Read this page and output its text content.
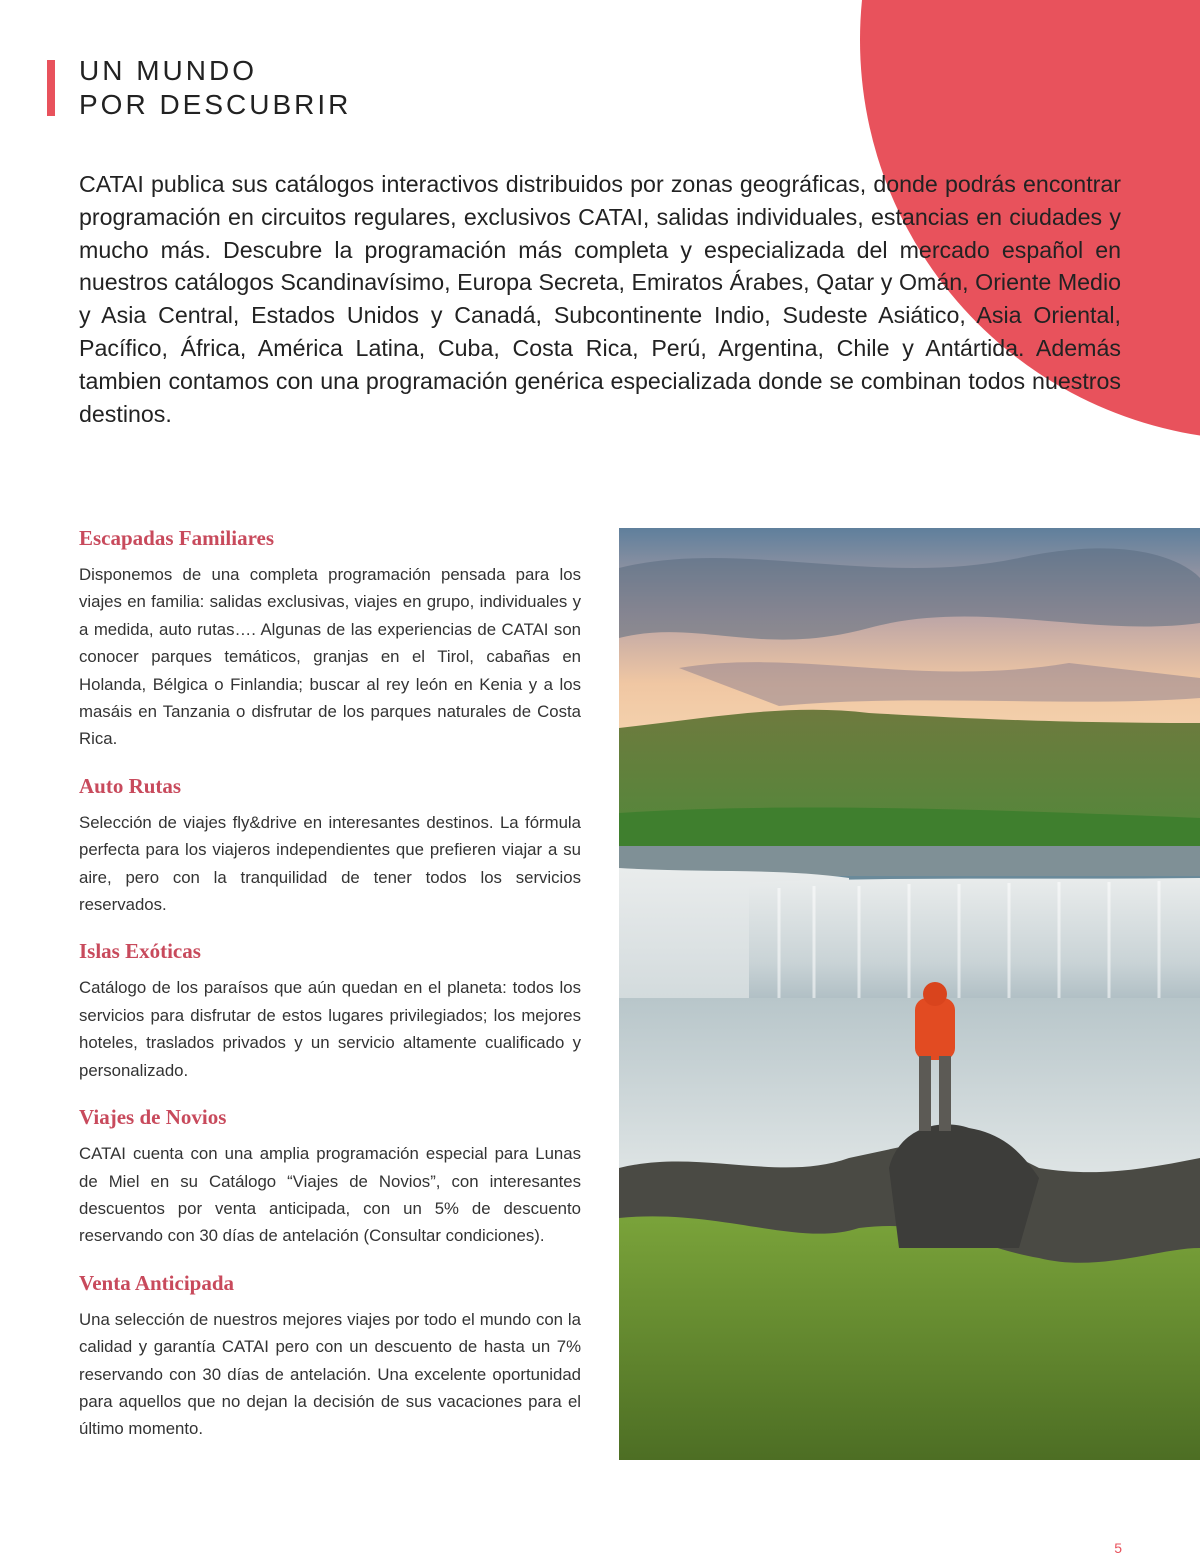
UN MUNDO
POR DESCUBRIR

CATAI publica sus catálogos interactivos distribuidos por zonas geográficas, donde podrás encontrar programación en circuitos regulares, exclusivos CATAI, salidas individuales, estancias en ciudades y mucho más. Descubre la programación más completa y especializada del mercado español en nuestros catálogos Scandinavísimo, Europa Secreta, Emiratos Árabes, Qatar y Omán, Oriente Medio y Asia Central, Estados Unidos y Canadá, Subcontinente Indio, Sudeste Asiático, Asia Oriental, Pacífico, África, América Latina, Cuba, Costa Rica, Perú, Argentina, Chile y Antártida. Además tambien contamos con una programación genérica especializada donde se combinan todos nuestros destinos.

Escapadas Familiares

Disponemos de una completa programación pensada para los viajes en familia: salidas exclusivas, viajes en grupo, individuales y a medida, auto rutas…. Algunas de las experiencias de CATAI son conocer parques temáticos, granjas en el Tirol, cabañas en Holanda, Bélgica o Finlandia; buscar al rey león en Kenia y a los masáis en Tanzania o disfrutar de los parques naturales de Costa Rica.

Auto Rutas

Selección de viajes fly&drive en interesantes destinos. La fórmula perfecta para los viajeros independientes que prefieren viajar a su aire, pero con la tranquilidad de tener todos los servicios reservados.

Islas Exóticas

Catálogo de los paraísos que aún quedan en el planeta: todos los servicios para disfrutar de estos lugares privilegiados; los mejores hoteles, traslados privados y un servicio altamente cualificado y personalizado.

Viajes de Novios

CATAI cuenta con una amplia programación especial para Lunas de Miel en su Catálogo “Viajes de Novios”, con interesantes descuentos por venta anticipada, con un 5% de descuento reservando con 30 días de antelación (Consultar condiciones).

Venta Anticipada

Una selección de nuestros mejores viajes por todo el mundo con la calidad y garantía CATAI pero con un descuento de hasta un 7% reservando con 30 días de antelación. Una excelente oportunidad para aquellos que no dejan la decisión de sus vacaciones para el último momento.

5
